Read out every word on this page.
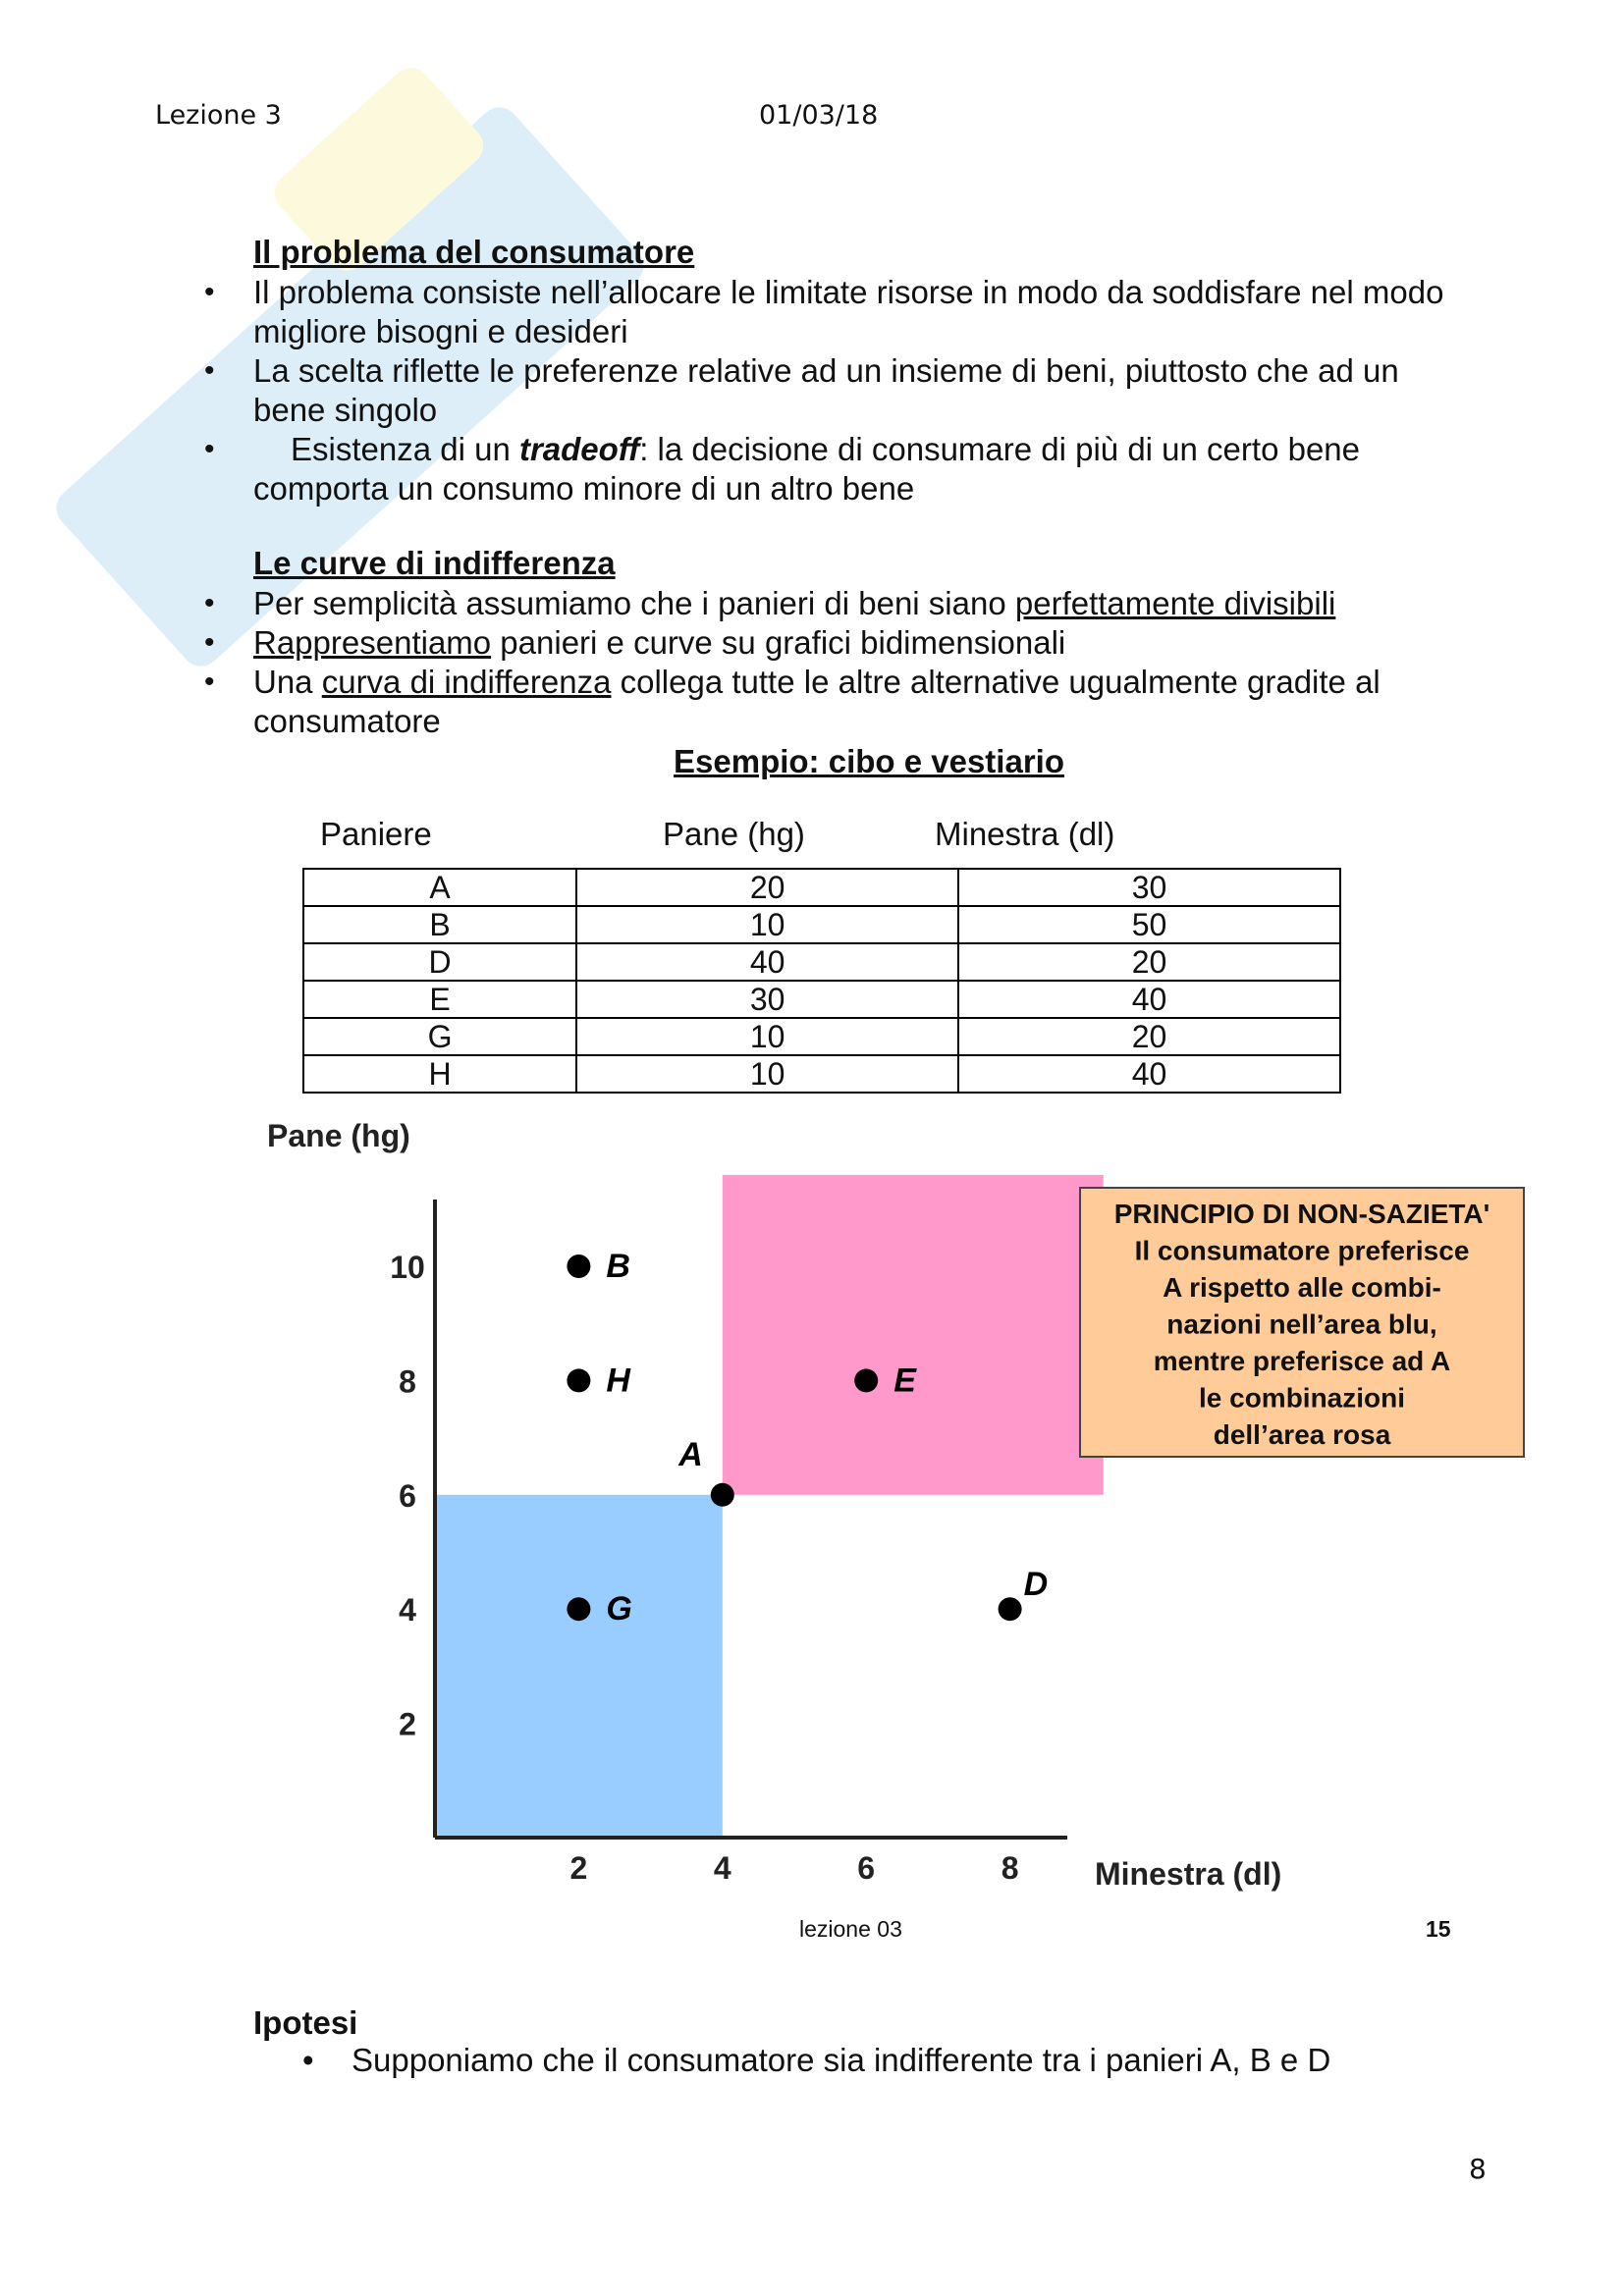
Lezione 3	01/03/18
Il problema del consumatore
• Il problema consiste nell’allocare le limitate risorse in modo da soddisfare nel modo
migliore bisogni e desideri
• La scelta riflette le preferenze relative ad un insieme di beni, piuttosto che ad un
bene singolo
• Esistenza di un tradeoff: la decisione di consumare di più di un certo bene
comporta un consumo minore di un altro bene
Le curve di indifferenza
• Per semplicità assumiamo che i panieri di beni siano perfettamente divisibili
• Rappresentiamo panieri e curve su grafici bidimensionali
• Una curva di indifferenza collega tutte le altre alternative ugualmente gradite al
consumatore
Esempio: cibo e vestiario
Paniere	Pane (hg)	Minestra (dl)
A	20	30
B	10	50
D	40	20
E	30	40
G	10	20
H	10	40
Pane (hg)
Minestra (dl)
2	4	6	8
2
4
6
8
10	B
H	E
A
G
D
PRINCIPIO DI NON-SAZIETA'
Il consumatore preferisce
A rispetto alle combi-
nazioni nell’area blu,
mentre preferisce ad A
le combinazioni
dell’area rosa
lezione 03	15
Ipotesi
• Supponiamo che il consumatore sia indifferente tra i panieri A, B e D
8
